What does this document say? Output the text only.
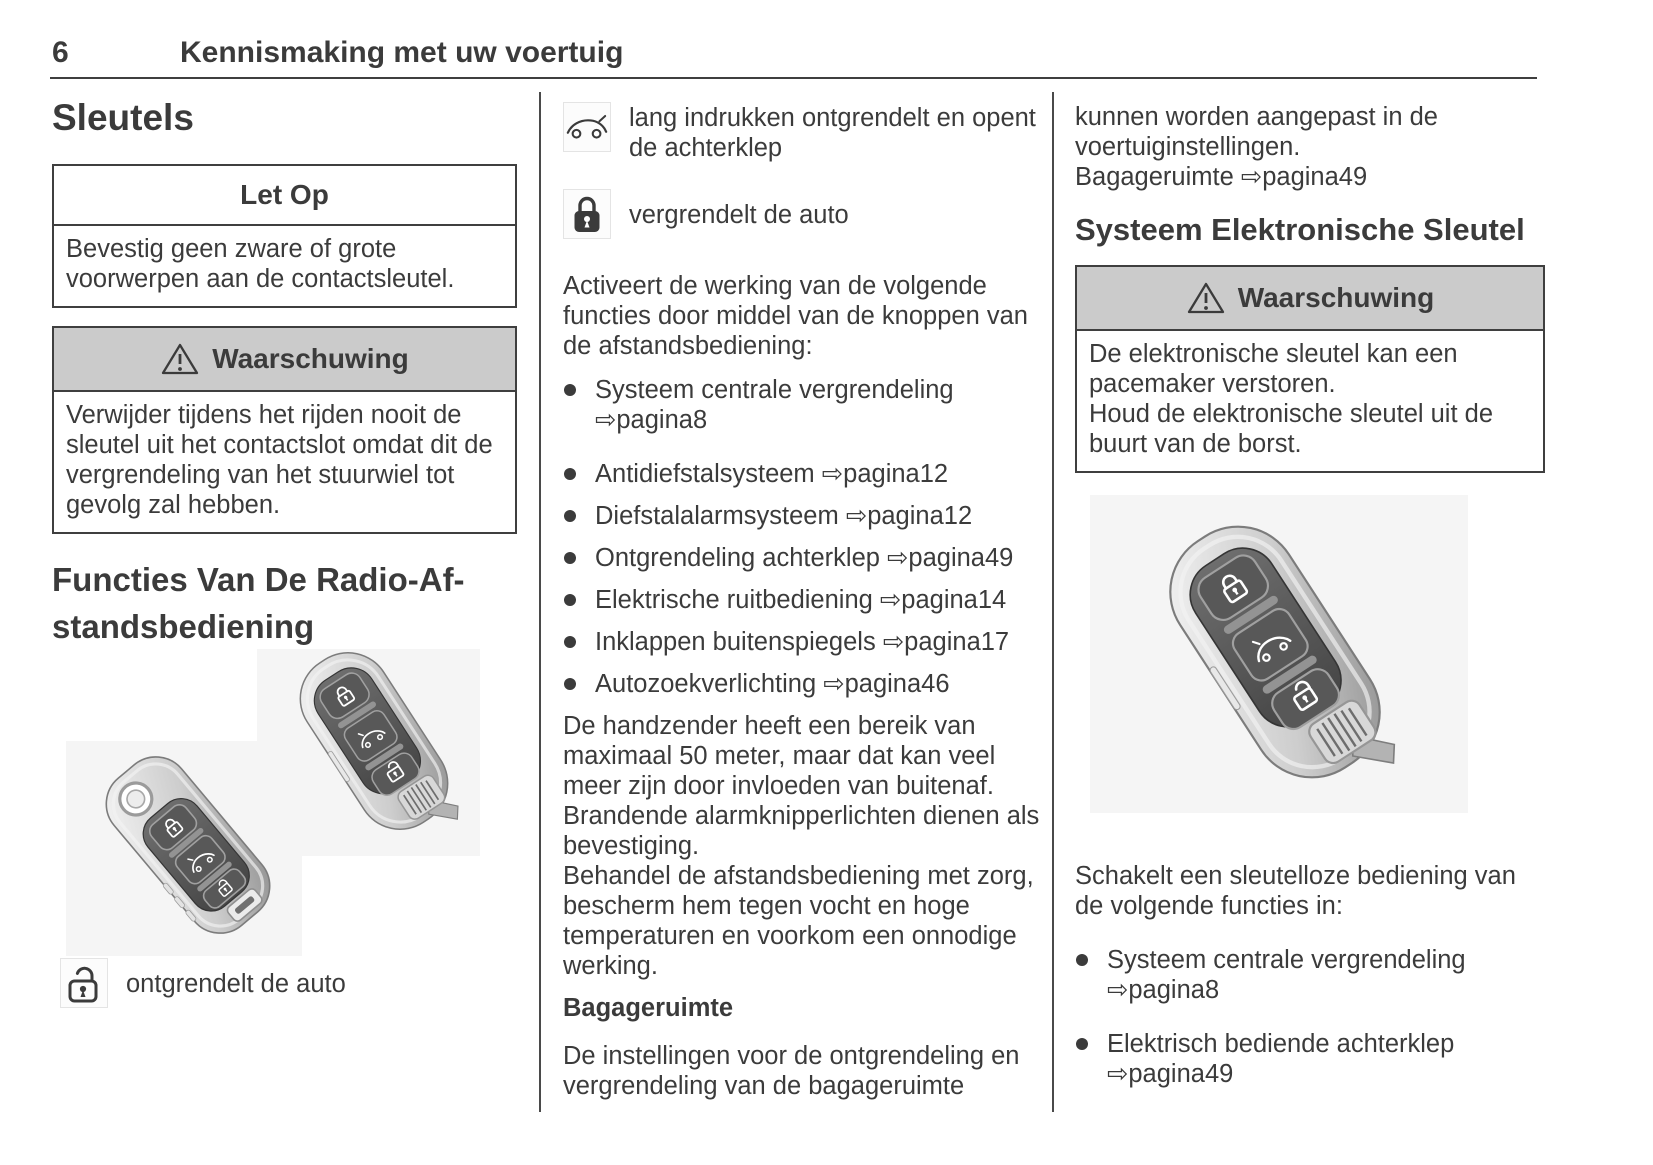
6	Kennismaking met uw voertuig
Sleutels
Let Op

Bevestig geen zware of grote voorwerpen aan de contactsleutel.

Waarschuwing

Verwijder tijdens het rijden nooit de sleutel uit het contactslot omdat dit de vergrendeling van het stuurwiel tot gevolg zal hebben.

Functies Van De Radio-Af-
standsbediening
ontgrendelt de auto
lang indrukken ontgrendelt en opent de achterklep
vergrendelt de auto

Activeert de werking van de volgende functies door middel van de knoppen van de afstandsbediening:

Systeem centrale vergrendeling ⇨pagina8
Antidiefstalsysteem ⇨pagina12
Diefstalalarmsysteem ⇨pagina12
Ontgrendeling achterklep ⇨pagina49
Elektrische ruitbediening ⇨pagina14
Inklappen buitenspiegels ⇨pagina17
Autozoekverlichting ⇨pagina46

De handzender heeft een bereik van maximaal 50 meter, maar dat kan veel meer zijn door invloeden van buitenaf. Brandende alarmknipperlichten dienen als bevestiging.

Behandel de afstandsbediening met zorg, bescherm hem tegen vocht en hoge temperaturen en voorkom een onnodige werking.

Bagageruimte

De instellingen voor de ontgrendeling en vergrendeling van de bagageruimte

kunnen worden aangepast in de voertuiginstellingen.

Bagageruimte ⇨pagina49

Systeem Elektronische Sleutel
Waarschuwing

De elektronische sleutel kan een pacemaker verstoren.

Houd de elektronische sleutel uit de buurt van de borst.

Schakelt een sleutelloze bediening van de volgende functies in:

Systeem centrale vergrendeling ⇨pagina8
Elektrisch bediende achterklep ⇨pagina49
